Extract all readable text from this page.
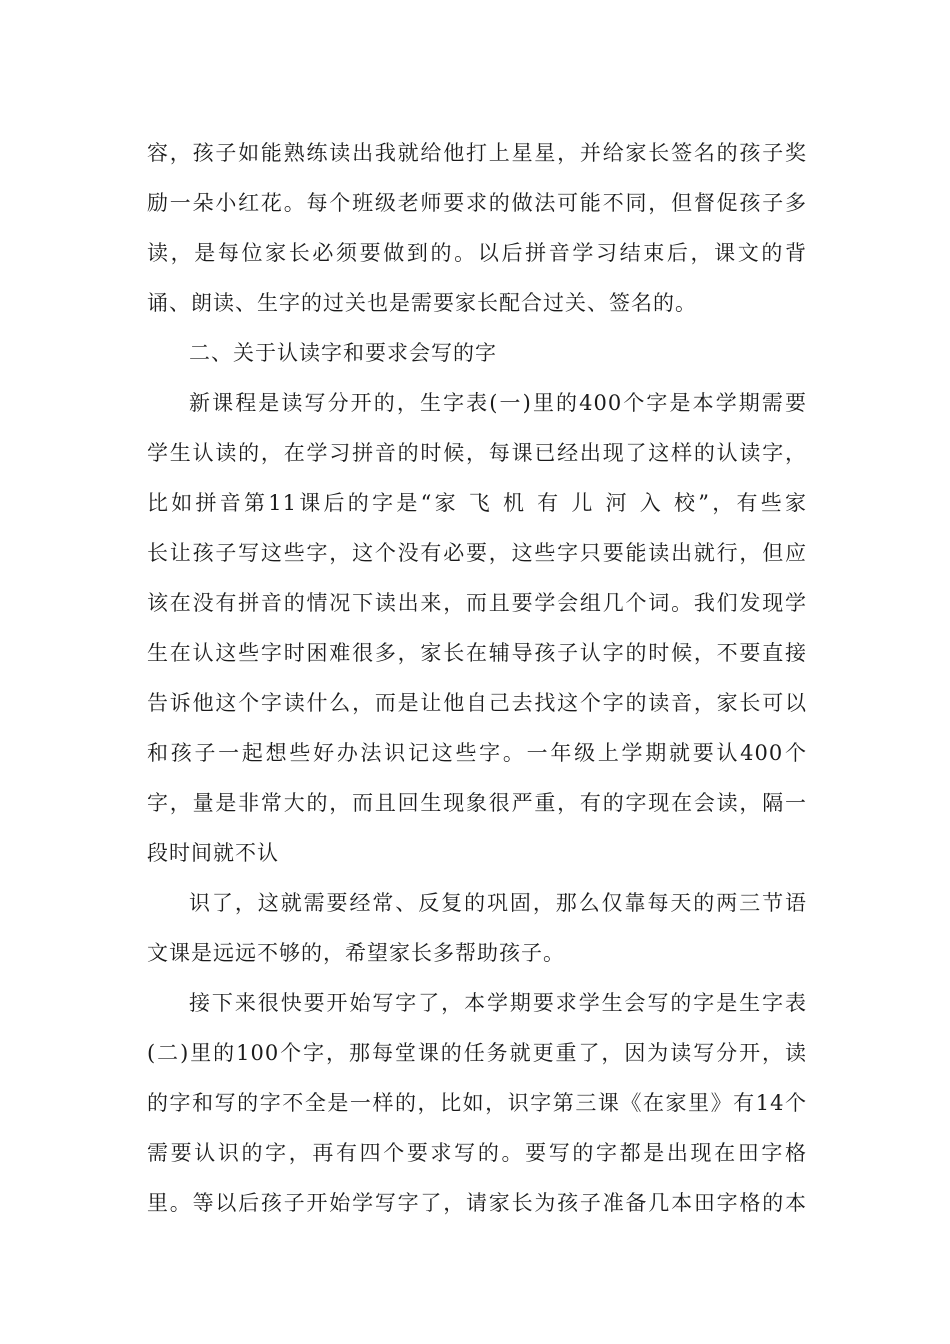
容，孩子如能熟练读出我就给他打上星星，并给家长签名的孩子奖
励一朵小红花。每个班级老师要求的做法可能不同，但督促孩子多
读，是每位家长必须要做到的。以后拼音学习结束后，课文的背
诵、朗读、生字的过关也是需要家长配合过关、签名的。
二、关于认读字和要求会写的字
新课程是读写分开的，生字表(一)里的400个字是本学期需要
学生认读的，在学习拼音的时候，每课已经出现了这样的认读字，
比如拼音第11课后的字是“家 飞 机 有 儿 河 入 校”，有些家
长让孩子写这些字，这个没有必要，这些字只要能读出就行，但应
该在没有拼音的情况下读出来，而且要学会组几个词。我们发现学
生在认这些字时困难很多，家长在辅导孩子认字的时候，不要直接
告诉他这个字读什么，而是让他自己去找这个字的读音，家长可以
和孩子一起想些好办法识记这些字。一年级上学期就要认400个
字，量是非常大的，而且回生现象很严重，有的字现在会读，隔一
段时间就不认
识了，这就需要经常、反复的巩固，那么仅靠每天的两三节语
文课是远远不够的，希望家长多帮助孩子。
接下来很快要开始写字了，本学期要求学生会写的字是生字表
(二)里的100个字，那每堂课的任务就更重了，因为读写分开，读
的字和写的字不全是一样的，比如，识字第三课《在家里》有14个
需要认识的字，再有四个要求写的。要写的字都是出现在田字格
里。等以后孩子开始学写字了，请家长为孩子准备几本田字格的本
